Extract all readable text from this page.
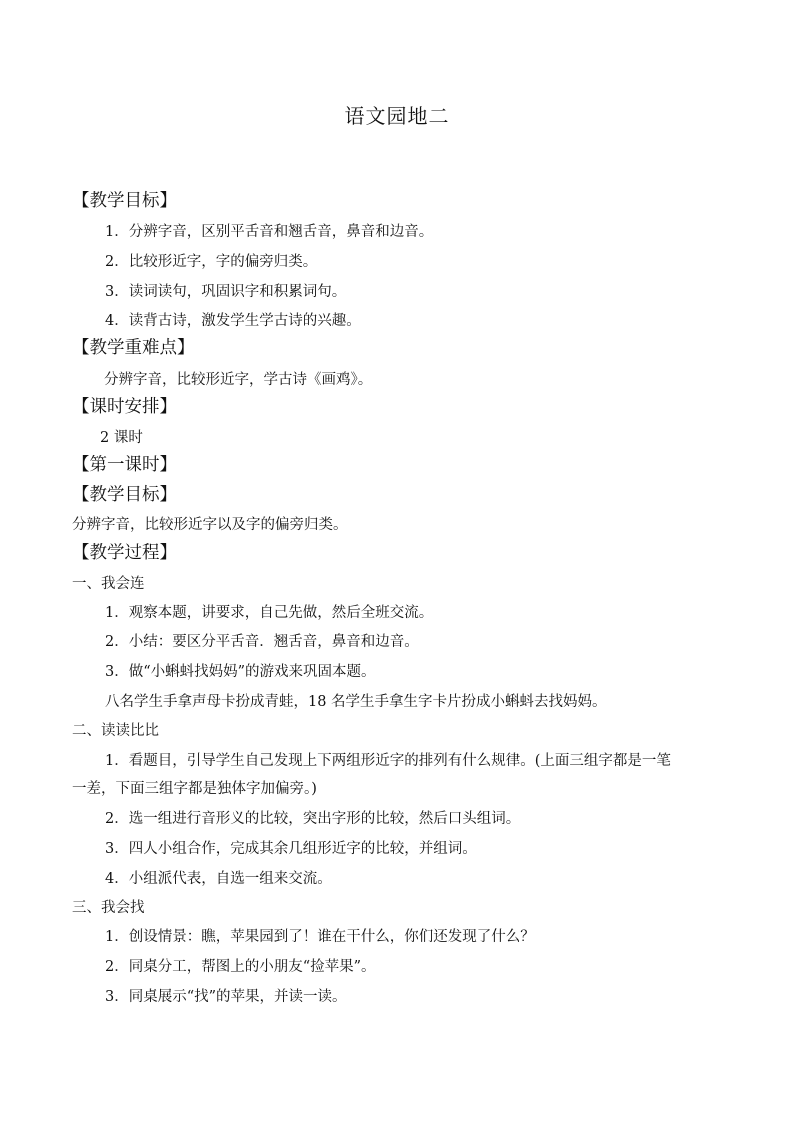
语文园地二
【教学目标】
1．分辨字音，区别平舌音和翘舌音，鼻音和边音。
2．比较形近字，字的偏旁归类。
3．读词读句，巩固识字和积累词句。
4．读背古诗，激发学生学古诗的兴趣。
【教学重难点】
分辨字音，比较形近字，学古诗《画鸡》。
【课时安排】
2 课时
【第一课时】
【教学目标】
分辨字音，比较形近字以及字的偏旁归类。
【教学过程】
一、我会连
1．观察本题，讲要求，自己先做，然后全班交流。
2．小结：要区分平舌音．翘舌音，鼻音和边音。
3．做“小蝌蚪找妈妈”的游戏来巩固本题。
八名学生手拿声母卡扮成青蛙，18 名学生手拿生字卡片扮成小蝌蚪去找妈妈。
二、读读比比
1．看题目，引导学生自己发现上下两组形近字的排列有什么规律。(上面三组字都是一笔
一差，下面三组字都是独体字加偏旁。)
2．选一组进行音形义的比较，突出字形的比较，然后口头组词。
3．四人小组合作，完成其余几组形近字的比较，并组词。
4．小组派代表，自选一组来交流。
三、我会找
1．创设情景：瞧，苹果园到了！谁在干什么，你们还发现了什么？
2．同桌分工，帮图上的小朋友“捡苹果”。
3．同桌展示“找”的苹果，并读一读。
